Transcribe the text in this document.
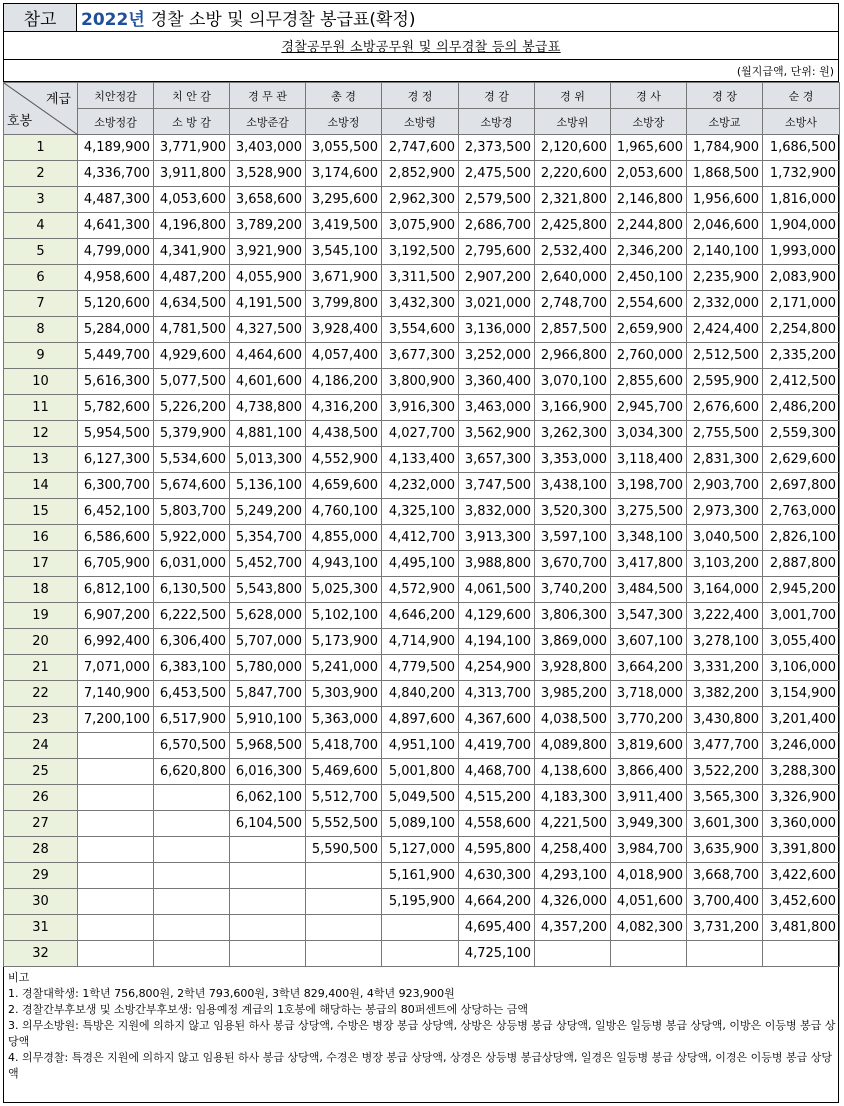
참고	2022년 경찰 소방 및 의무경찰 봉급표(확정)
경찰공무원 소방공무원 및 의무경찰 등의 봉급표
(월지급액, 단위: 원)
계급
호봉	치안정감	치 안 감	경 무 관	총 경	경 정	경 감	경 위	경 사	경 장	순 경
	소방정감	소 방 감	소방준감	소방정	소방령	소방경	소방위	소방장	소방교	소방사
1	4,189,900	3,771,900	3,403,000	3,055,500	2,747,600	2,373,500	2,120,600	1,965,600	1,784,900	1,686,500
2	4,336,700	3,911,800	3,528,900	3,174,600	2,852,900	2,475,500	2,220,600	2,053,600	1,868,500	1,732,900
3	4,487,300	4,053,600	3,658,600	3,295,600	2,962,300	2,579,500	2,321,800	2,146,800	1,956,600	1,816,000
4	4,641,300	4,196,800	3,789,200	3,419,500	3,075,900	2,686,700	2,425,800	2,244,800	2,046,600	1,904,000
5	4,799,000	4,341,900	3,921,900	3,545,100	3,192,500	2,795,600	2,532,400	2,346,200	2,140,100	1,993,000
6	4,958,600	4,487,200	4,055,900	3,671,900	3,311,500	2,907,200	2,640,000	2,450,100	2,235,900	2,083,900
7	5,120,600	4,634,500	4,191,500	3,799,800	3,432,300	3,021,000	2,748,700	2,554,600	2,332,000	2,171,000
8	5,284,000	4,781,500	4,327,500	3,928,400	3,554,600	3,136,000	2,857,500	2,659,900	2,424,400	2,254,800
9	5,449,700	4,929,600	4,464,600	4,057,400	3,677,300	3,252,000	2,966,800	2,760,000	2,512,500	2,335,200
10	5,616,300	5,077,500	4,601,600	4,186,200	3,800,900	3,360,400	3,070,100	2,855,600	2,595,900	2,412,500
11	5,782,600	5,226,200	4,738,800	4,316,200	3,916,300	3,463,000	3,166,900	2,945,700	2,676,600	2,486,200
12	5,954,500	5,379,900	4,881,100	4,438,500	4,027,700	3,562,900	3,262,300	3,034,300	2,755,500	2,559,300
13	6,127,300	5,534,600	5,013,300	4,552,900	4,133,400	3,657,300	3,353,000	3,118,400	2,831,300	2,629,600
14	6,300,700	5,674,600	5,136,100	4,659,600	4,232,000	3,747,500	3,438,100	3,198,700	2,903,700	2,697,800
15	6,452,100	5,803,700	5,249,200	4,760,100	4,325,100	3,832,000	3,520,300	3,275,500	2,973,300	2,763,000
16	6,586,600	5,922,000	5,354,700	4,855,000	4,412,700	3,913,300	3,597,100	3,348,100	3,040,500	2,826,100
17	6,705,900	6,031,000	5,452,700	4,943,100	4,495,100	3,988,800	3,670,700	3,417,800	3,103,200	2,887,800
18	6,812,100	6,130,500	5,543,800	5,025,300	4,572,900	4,061,500	3,740,200	3,484,500	3,164,000	2,945,200
19	6,907,200	6,222,500	5,628,000	5,102,100	4,646,200	4,129,600	3,806,300	3,547,300	3,222,400	3,001,700
20	6,992,400	6,306,400	5,707,000	5,173,900	4,714,900	4,194,100	3,869,000	3,607,100	3,278,100	3,055,400
21	7,071,000	6,383,100	5,780,000	5,241,000	4,779,500	4,254,900	3,928,800	3,664,200	3,331,200	3,106,000
22	7,140,900	6,453,500	5,847,700	5,303,900	4,840,200	4,313,700	3,985,200	3,718,000	3,382,200	3,154,900
23	7,200,100	6,517,900	5,910,100	5,363,000	4,897,600	4,367,600	4,038,500	3,770,200	3,430,800	3,201,400
24		6,570,500	5,968,500	5,418,700	4,951,100	4,419,700	4,089,800	3,819,600	3,477,700	3,246,000
25		6,620,800	6,016,300	5,469,600	5,001,800	4,468,700	4,138,600	3,866,400	3,522,200	3,288,300
26			6,062,100	5,512,700	5,049,500	4,515,200	4,183,300	3,911,400	3,565,300	3,326,900
27			6,104,500	5,552,500	5,089,100	4,558,600	4,221,500	3,949,300	3,601,300	3,360,000
28				5,590,500	5,127,000	4,595,800	4,258,400	3,984,700	3,635,900	3,391,800
29					5,161,900	4,630,300	4,293,100	4,018,900	3,668,700	3,422,600
30					5,195,900	4,664,200	4,326,000	4,051,600	3,700,400	3,452,600
31						4,695,400	4,357,200	4,082,300	3,731,200	3,481,800
32						4,725,100				
비고
1. 경찰대학생: 1학년 756,800원, 2학년 793,600원, 3학년 829,400원, 4학년 923,900원
2. 경찰간부후보생 및 소방간부후보생: 임용예정 계급의 1호봉에 해당하는 봉급의 80퍼센트에 상당하는 금액
3. 의무소방원: 특방은 지원에 의하지 않고 임용된 하사 봉급 상당액, 수방은 병장 봉급 상당액, 상방은 상등병 봉급 상당액, 일방은 일등병 봉급 상당액, 이방은 이등병 봉급 상당액
4. 의무경찰: 특경은 지원에 의하지 않고 임용된 하사 봉급 상당액, 수경은 병장 봉급 상당액, 상경은 상등병 봉급상당액, 일경은 일등병 봉급 상당액, 이경은 이등병 봉급 상당액
